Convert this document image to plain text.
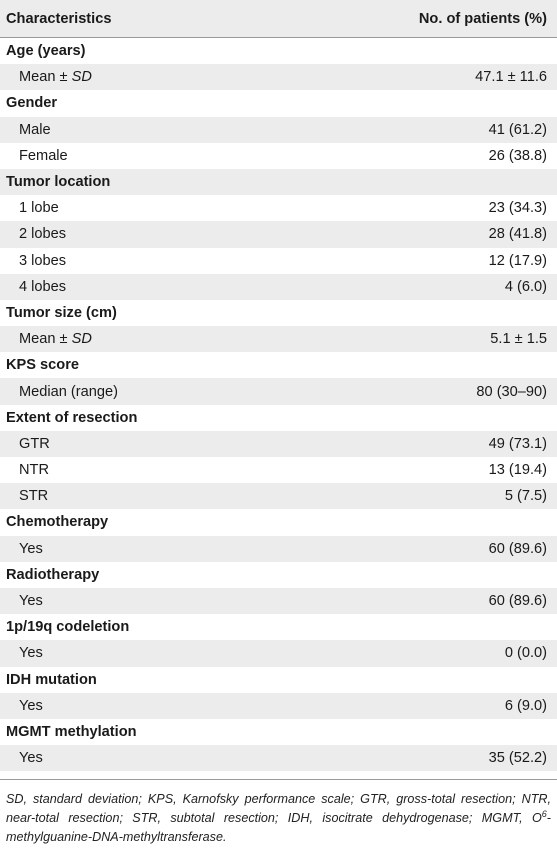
Characteristics	No. of patients (%)
Age (years)
Mean ± SD	47.1 ± 11.6
Gender
Male	41 (61.2)
Female	26 (38.8)
Tumor location
1 lobe	23 (34.3)
2 lobes	28 (41.8)
3 lobes	12 (17.9)
4 lobes	4 (6.0)
Tumor size (cm)
Mean ± SD	5.1 ± 1.5
KPS score
Median (range)	80 (30–90)
Extent of resection
GTR	49 (73.1)
NTR	13 (19.4)
STR	5 (7.5)
Chemotherapy
Yes	60 (89.6)
Radiotherapy
Yes	60 (89.6)
1p/19q codeletion
Yes	0 (0.0)
IDH mutation
Yes	6 (9.0)
MGMT methylation
Yes	35 (52.2)
SD, standard deviation; KPS, Karnofsky performance scale; GTR, gross-total resection; NTR, near-total resection; STR, subtotal resection; IDH, isocitrate dehydrogenase; MGMT, $O^6-methylguanine-DNA$-methyltransferase.
